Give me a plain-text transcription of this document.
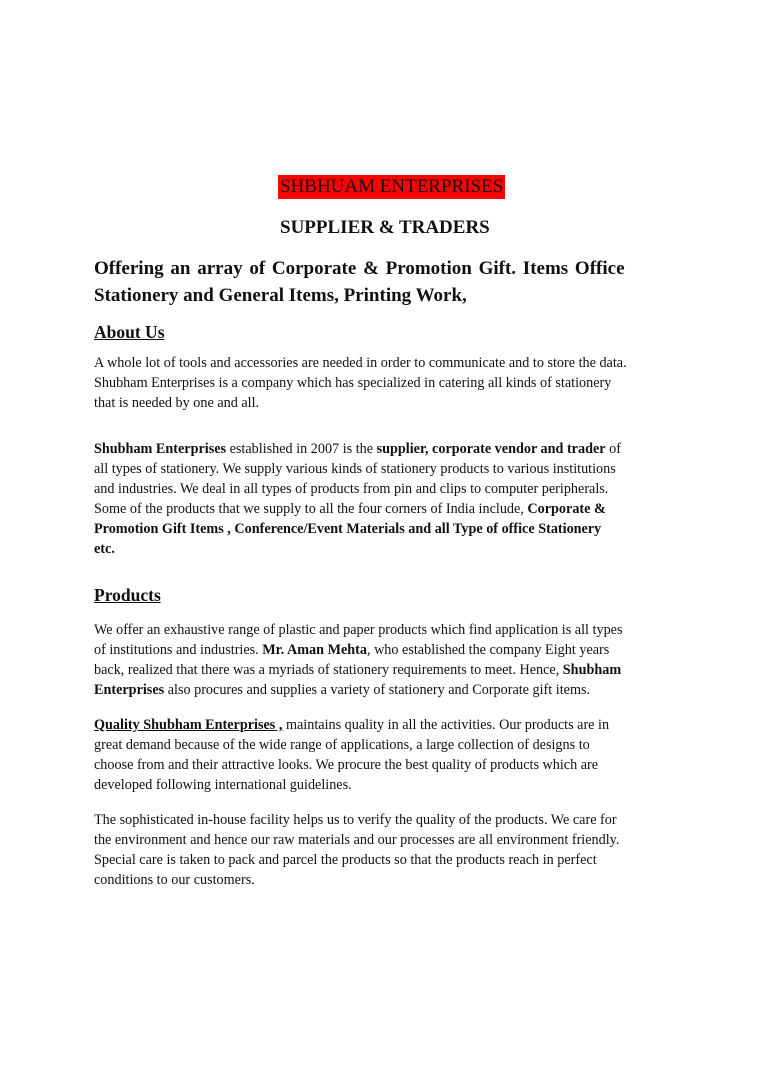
SHBHUAM ENTERPRISES
SUPPLIER & TRADERS

Offering an array of Corporate & Promotion Gift. Items Office

Stationery and General Items, Printing Work,

About Us

A whole lot of tools and accessories are needed in order to communicate and to store the data.

Shubham Enterprises is a company which has specialized in catering all kinds of stationery

that is needed by one and all.

Shubham Enterprises established in 2007 is the supplier, corporate vendor and trader of

all types of stationery. We supply various kinds of stationery products to various institutions

and industries. We deal in all types of products from pin and clips to computer peripherals.

Some of the products that we supply to all the four corners of India include, Corporate &

Promotion Gift Items , Conference/Event Materials and all Type of office Stationery

etc.

Products

We offer an exhaustive range of plastic and paper products which find application is all types

of institutions and industries. Mr. Aman Mehta, who established the company Eight years

back, realized that there was a myriads of stationery requirements to meet. Hence, Shubham

Enterprises also procures and supplies a variety of stationery and Corporate gift items.

Quality Shubham Enterprises , maintains quality in all the activities. Our products are in

great demand because of the wide range of applications, a large collection of designs to

choose from and their attractive looks. We procure the best quality of products which are

developed following international guidelines.

The sophisticated in-house facility helps us to verify the quality of the products. We care for

the environment and hence our raw materials and our processes are all environment friendly.

Special care is taken to pack and parcel the products so that the products reach in perfect

conditions to our customers.
